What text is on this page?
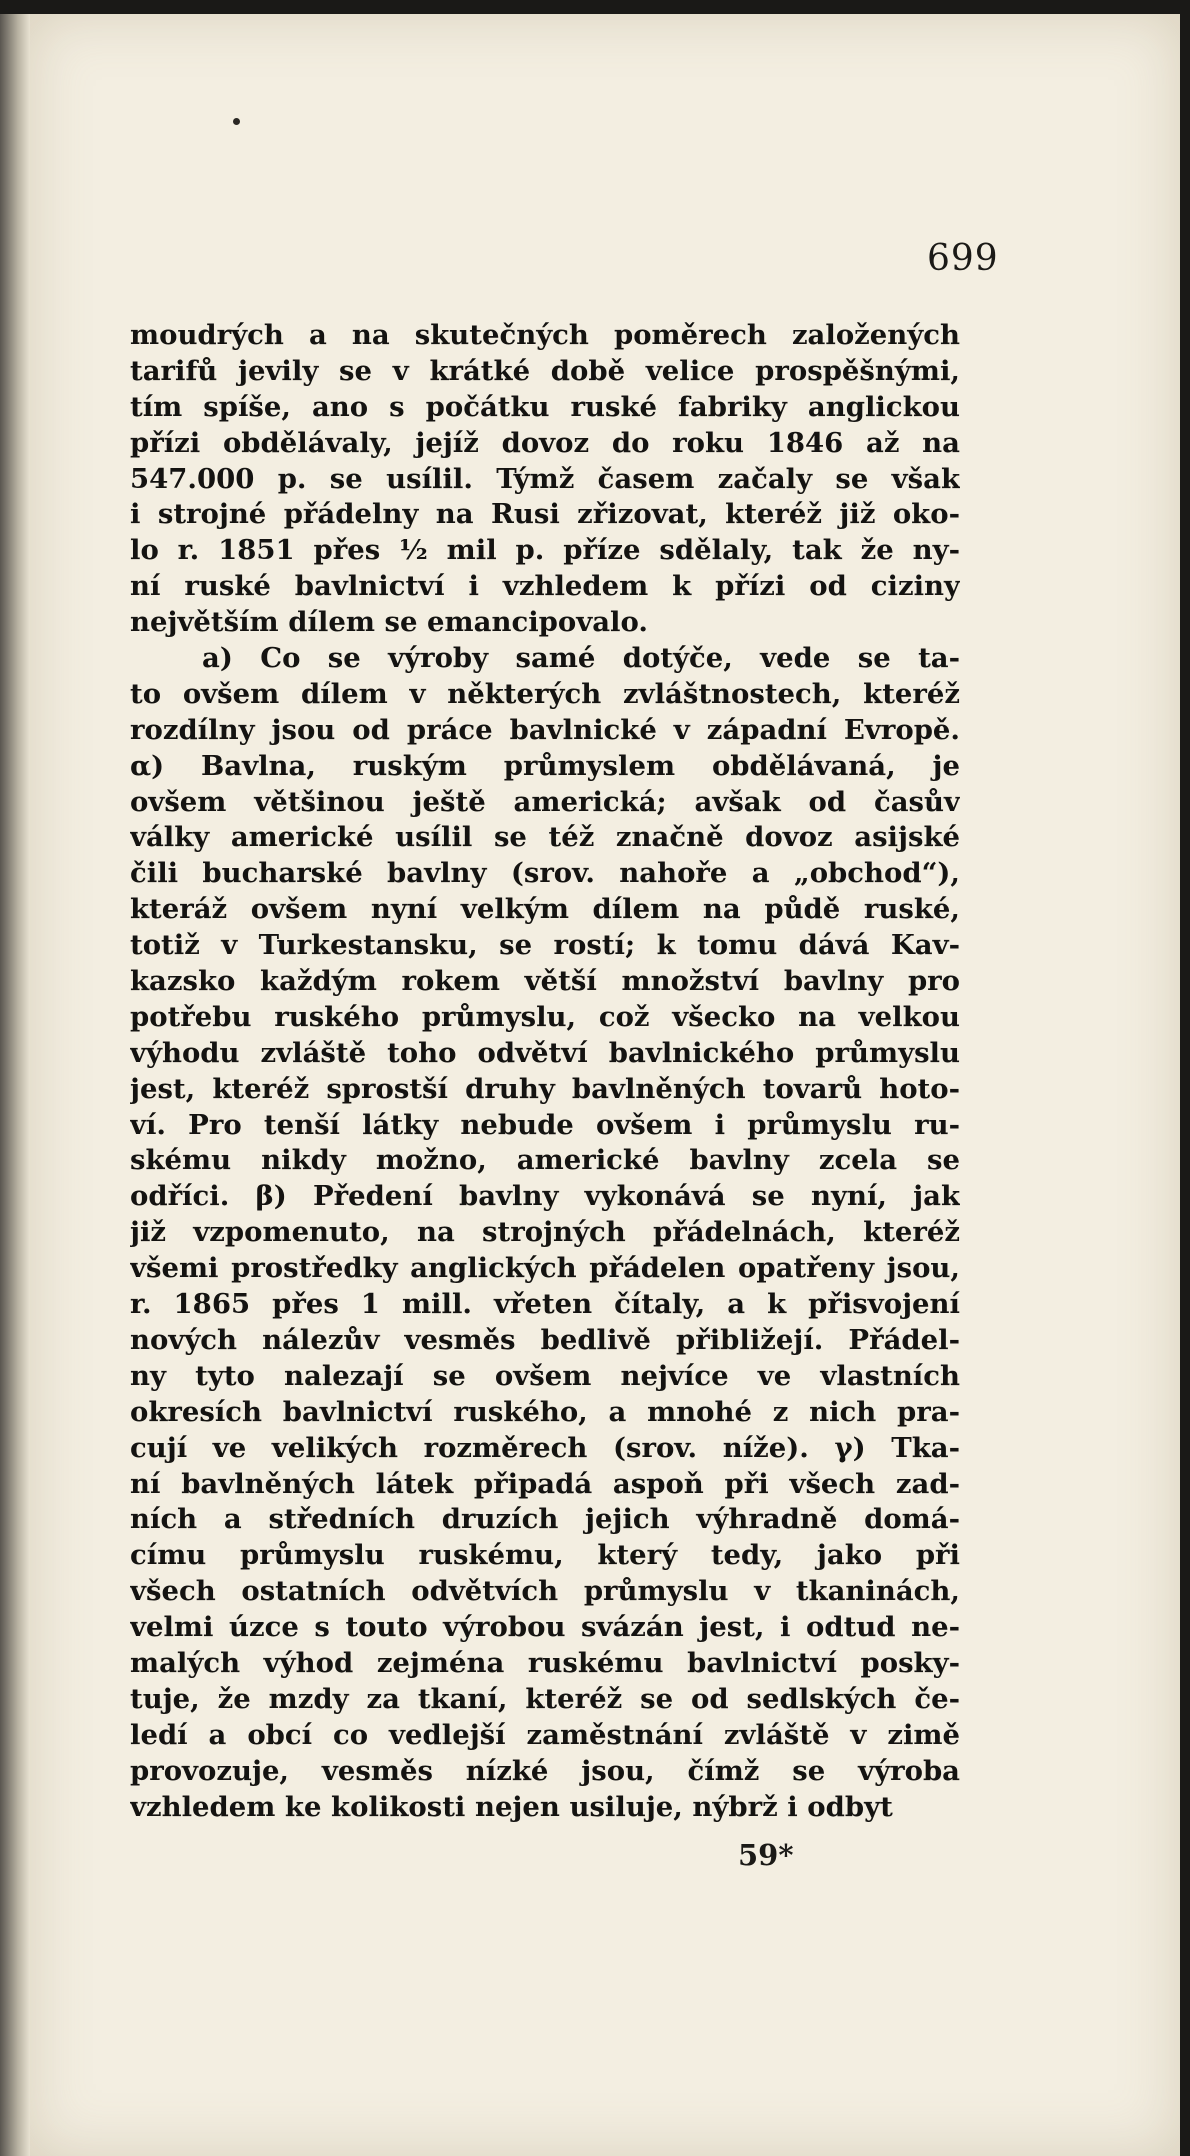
699
moudrých a na skutečných poměrech založených
tarifů jevily se v krátké době velice prospěšnými,
tím spíše, ano s počátku ruské fabriky anglickou
přízi obdělávaly, jejíž dovoz do roku 1846 až na
547.000 p. se usílil. Týmž časem začaly se však
i strojné přádelny na Rusi zřizovat, kteréž již oko-
lo r. 1851 přes ½ mil p. příze sdělaly, tak že ny-
ní ruské bavlnictví i vzhledem k přízi od ciziny
největším dílem se emancipovalo.
a) Co se výroby samé dotýče, vede se ta-
to ovšem dílem v některých zvláštnostech, kteréž
rozdílny jsou od práce bavlnické v západní Evropě.
α) Bavlna, ruským průmyslem obdělávaná, je
ovšem většinou ještě americká; avšak od časův
války americké usílil se též značně dovoz asijské
čili bucharské bavlny (srov. nahoře a „obchod“),
kteráž ovšem nyní velkým dílem na půdě ruské,
totiž v Turkestansku, se rostí; k tomu dává Kav-
kazsko každým rokem větší množství bavlny pro
potřebu ruského průmyslu, což všecko na velkou
výhodu zvláště toho odvětví bavlnického průmyslu
jest, kteréž sprostší druhy bavlněných tovarů hoto-
ví. Pro tenší látky nebude ovšem i průmyslu ru-
skému nikdy možno, americké bavlny zcela se
odříci. β) Předení bavlny vykonává se nyní, jak
již vzpomenuto, na strojných přádelnách, kteréž
všemi prostředky anglických přádelen opatřeny jsou,
r. 1865 přes 1 mill. vřeten čítaly, a k přisvojení
nových nálezův vesměs bedlivě přibližejí. Přádel-
ny tyto nalezají se ovšem nejvíce ve vlastních
okresích bavlnictví ruského, a mnohé z nich pra-
cují ve velikých rozměrech (srov. níže). γ) Tka-
ní bavlněných látek připadá aspoň při všech zad-
ních a středních druzích jejich výhradně domá-
címu průmyslu ruskému, který tedy, jako při
všech ostatních odvětvích průmyslu v tkaninách,
velmi úzce s touto výrobou svázán jest, i odtud ne-
malých výhod zejména ruskému bavlnictví posky-
tuje, že mzdy za tkaní, kteréž se od sedlských če-
ledí a obcí co vedlejší zaměstnání zvláště v zimě
provozuje, vesměs nízké jsou, čímž se výroba
vzhledem ke kolikosti nejen usiluje, nýbrž i odbyt
59*
